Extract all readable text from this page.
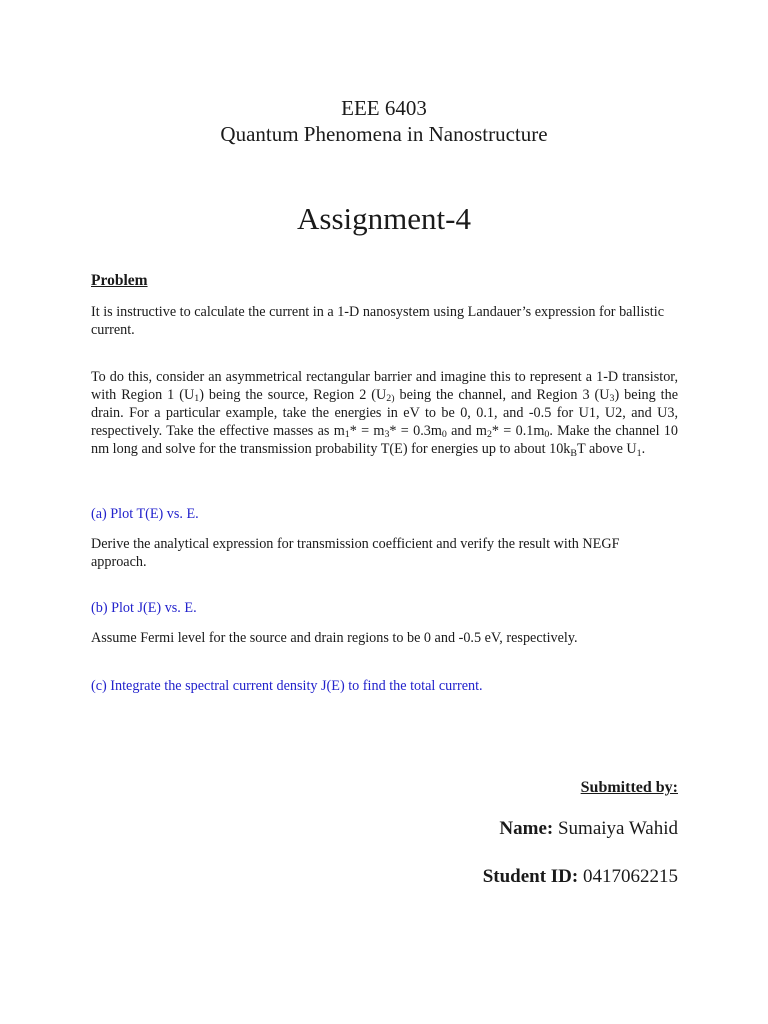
EEE 6403
Quantum Phenomena in Nanostructure
Assignment-4
Problem
It is instructive to calculate the current in a 1-D nanosystem using Landauer’s expression for ballistic current.
To do this, consider an asymmetrical rectangular barrier and imagine this to represent a 1-D transistor, with Region 1 $(U_1)$ being the source, Region 2 ($U_{2)}$ being the channel, and Region 3 $(U_3)$ being the drain. For a particular example, take the energies in eV to be 0, 0.1, and -0.5 for U1, U2, and U3, respectively. Take the effective masses as $m_1* = m_3* = 0.3m_0$ and $m_2* = 0.1m_0$. Make the channel 10 nm long and solve for the transmission probability T(E) for energies up to about $10k_BT$ above $U_1$.
(a) Plot T(E) vs. E.
Derive the analytical expression for transmission coefficient and verify the result with NEGF approach.
(b) Plot J(E) vs. E.
Assume Fermi level for the source and drain regions to be 0 and -0.5 eV, respectively.
(c) Integrate the spectral current density J(E) to find the total current.
Submitted by:
Name: Sumaiya Wahid
Student ID: 0417062215
